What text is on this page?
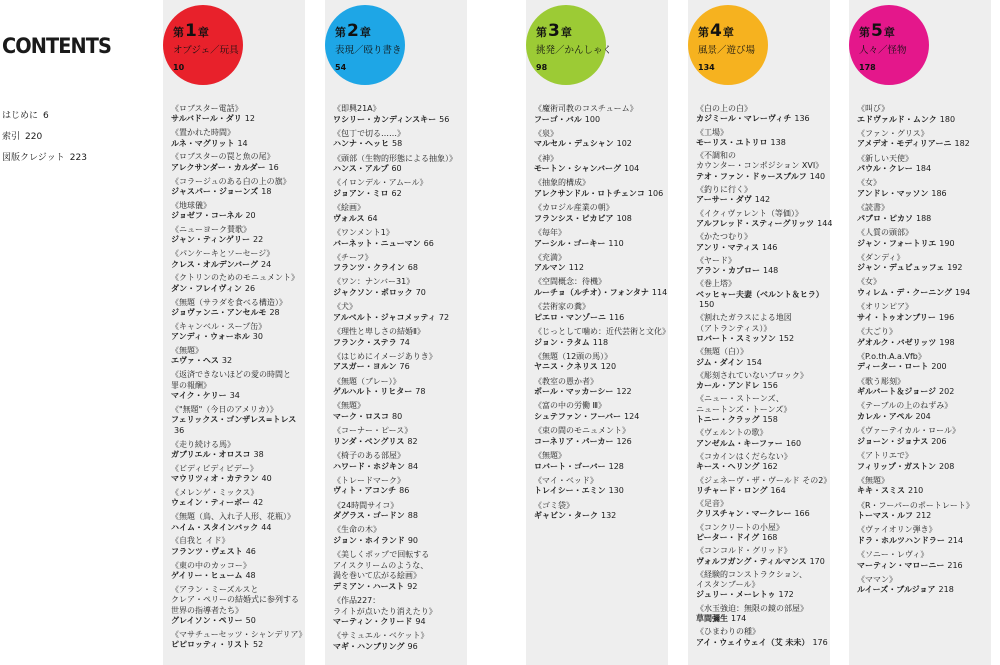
CONTENTS
はじめに 6
索引 220
図版クレジット 223
第1章
オブジェ／玩具
10
《ロブスター電話》
サルバドール・ダリ 12
《置かれた時間》
ルネ・マグリット 14
《ロブスターの罠と魚の尾》
アレクサンダー・カルダー 16
《コラージュのある白の上の旗》
ジャスパー・ジョーンズ 18
《地球儀》
ジョゼフ・コーネル 20
《ニューヨーク賛歌》
ジャン・ティンゲリー 22
《パンケーキとソーセージ》
クレス・オルデンバーグ 24
《クトリンのためのモニュメント》
ダン・フレイヴィン 26
《無題（サラダを食べる構造）》
ジョヴァンニ・アンセルモ 28
《キャンベル・スープ缶》
アンディ・ウォーホル 30
《無題》
エヴァ・ヘス 32
《返済できないほどの愛の時間と
罪の報酬》
マイク・ケリー 34
《"無題"（今日のアメリカ）》
フェリックス・ゴンザレス=トレス36
《走り続ける馬》
ガブリエル・オロスコ 38
《ビディビディビデー》
マウリツィオ・カテラン 40
《メレンゲ・ミックス》
ウェイン・ティーボー 42
《無題（鳥、入れ子人形、花瓶）》
ハイム・スタインバック 44
《自我と イド》
フランツ・ヴェスト 46
《東の中のカッコー》
ゲイリー・ヒューム 48
《アラン・ミーズルスと
クレア・ペリーの結婚式に参列する
世界の指導者たち》
グレイソン・ペリー 50
《マサチューセッツ・シャンデリア》
ピピロッティ・リスト 52
第2章
表現／殴り書き
54
《即興21A》
ワシリー・カンディンスキー 56
《包丁で切る……》
ハンナ・ヘッヒ 58
《頭部（生物的形態による抽象）》
ハンス・アルプ 60
《イロンデル・アムール》
ジョアン・ミロ 62
《絵画》
ヴォルス 64
《ワンメント1》
バーネット・ニューマン 66
《チーフ》
フランツ・クライン 68
《ワン：ナンバー31》
ジャクソン・ポロック 70
《犬》
アルベルト・ジャコメッティ 72
《理性と卑しさの結婚Ⅱ》
フランク・ステラ 74
《はじめにイメージありき》
アスガー・ヨルン 76
《無題（ブレー）》
ゲルハルト・リヒター 78
《無題》
マーク・ロスコ 80
《コーナー・ピース》
リンダ・ベングリス 82
《椅子のある部屋》
ハワード・ホジキン 84
《トレードマーク》
ヴィト・アコンチ 86
《24時間サイコ》
ダグラス・ゴードン 88
《生命の木》
ジョン・ホイランド 90
《美しくポップで回転する
アイスクリームのような、
渦を巻いて広がる絵画》
デミアン・ハースト 92
《作品227：
ライトが点いたり消えたり》
マーティン・クリード 94
《サミュエル・ベケット》
マギ・ハンブリング 96
第3章
挑発／かんしゃく
98
《魔術司教のコスチューム》
フーゴ・バル 100
《泉》
マルセル・デュシャン 102
《神》
モートン・シャンバーグ 104
《抽象的構成》
アレクサンドル・ロトチェンコ 106
《カロジル産業の朝》
フランシス・ピカビア 108
《毎年》
アーシル・ゴーキー 110
《充満》
アルマン 112
《空間概念：待機》
ルーチョ（ルチオ）・フォンタナ 114
《芸術家の糞》
ピエロ・マンゾーニ 116
《じっとして噛め：近代芸術と文化》
ジョン・ラタム 118
《無題（12頭の馬）》
ヤニス・クネリス 120
《教室の愚か者》
ポール・マッカーシー 122
《富の中の労働 Ⅲ》
シュテファン・フーバー 124
《束の間のモニュメント》
コーネリア・パーカー 126
《無題》
ロバート・ゴーバー 128
《マイ・ベッド》
トレイシー・エミン 130
《ゴミ袋》
ギャビン・ターク 132
第4章
風景／遊び場
134
《白の上の白》
カジミール・マレーヴィチ 136
《工場》
モーリス・ユトリロ 138
《不調和の
カウンター・コンポジション XVI》
テオ・ファン・ドゥースブルフ 140
《釣りに行く》
アーサー・ダヴ 142
《イクィヴァレント（等価）》
アルフレッド・スティーグリッツ 144
《かたつむり》
アンリ・マティス 146
《ヤード》
アラン・カプロー 148
《巻上塔》
ベッヒャー夫妻（ベルント＆ヒラ）150
《割れたガラスによる地図
（アトランティス）》
ロバート・スミッソン 152
《無題（白）》
ジム・ダイン 154
《彫刻されていないブロック》
カール・アンドレ 156
《ニュー・ストーンズ、
ニュートンズ・トーンズ》
トニー・クラッグ 158
《ヴェルントの歌》
アンゼルム・キーファー 160
《コカインはくだらない》
キース・ヘリング 162
《ジェネーヴ・ザ・ヴールド その2》
リチャード・ロング 164
《足音》
クリスチャン・マークレー 166
《コンクリートの小屋》
ピーター・ドイグ 168
《コンコルド・グリッド》
ヴォルフガング・ティルマンス 170
《経験的コンストラクション、
イスタンブール》
ジュリー・メーレトゥ 172
《水玉強迫：無限の鏡の部屋》
草間彌生 174
《ひまわりの種》
アイ・ウェイウェイ（艾 未未） 176
第5章
人々／怪物
178
《叫び》
エドヴァルド・ムンク 180
《ファン・グリス》
アメデオ・モディリアーニ 182
《新しい天使》
パウル・クレー 184
《女》
アンドレ・マッソン 186
《読書》
パブロ・ピカソ 188
《人質の頭部》
ジャン・フォートリエ 190
《ダンディ》
ジャン・デュビュッフェ 192
《女》
ウィレム・デ・クーニング 194
《オリンピア》
サイ・トゥオンブリー 196
《大ごり》
ゲオルク・バゼリッツ 198
《P.o.th.A.a.Vfb》
ディーター・ロート 200
《歌う彫刻》
ギルバート＆ジョージ 202
《テーブルの上のねずみ》
カレル・アペル 204
《ヴァーテイカル・ロール》
ジョーン・ジョナス 206
《アトリエで》
フィリップ・ガストン 208
《無題》
キキ・スミス 210
《R・フーパーのポートレート》
トーマス・ルフ 212
《ヴァイオリン弾き》
ドラ・ホルツハンドラー 214
《ソニー・レヴィ》
マーティン・マローニー 216
《ママン》
ルイーズ・ブルジョア 218
